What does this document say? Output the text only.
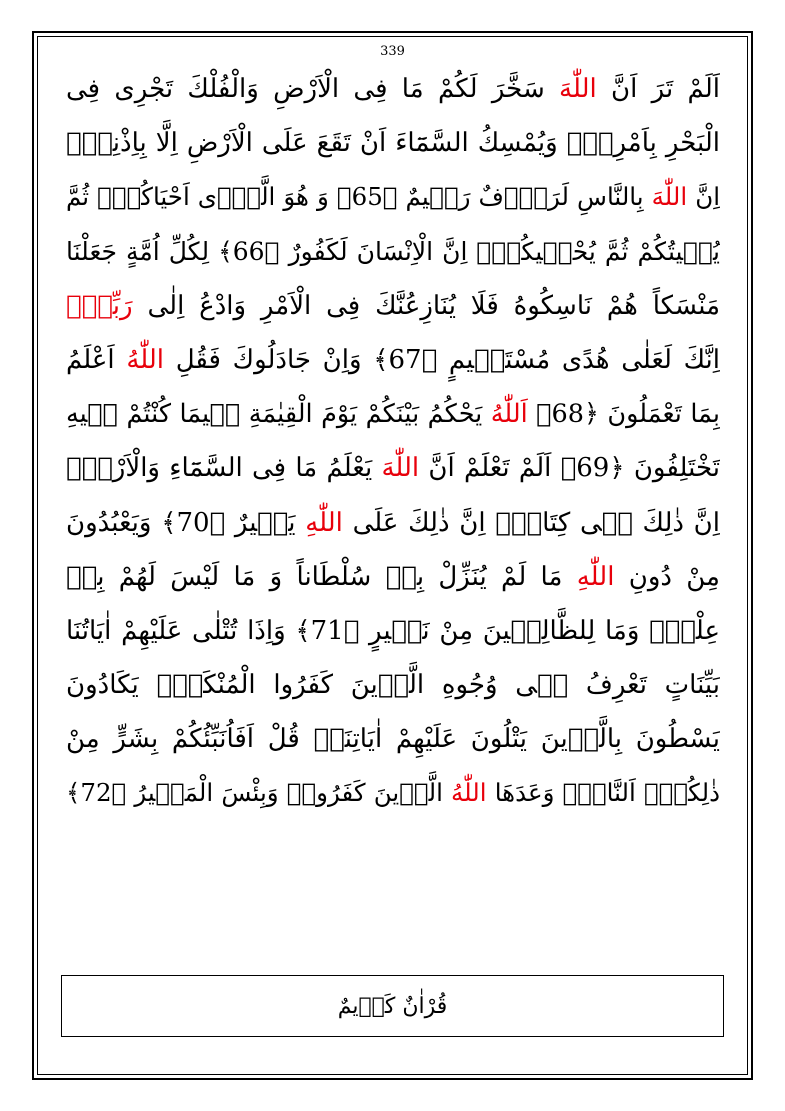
339
اَلَمْ تَرَ اَنَّ اللّٰهَ سَخَّرَ لَكُمْ مَا فِى الْاَرْضِ وَالْفُلْكَ تَجْرِى فِى
الْبَحْرِ بِاَمْرِهٖۜ وَيُمْسِكُ السَّمَٓاءَ اَنْ تَقَعَ عَلَى الْاَرْضِ اِلَّا بِاِذْنِهٖۜ
اِنَّ اللّٰهَ بِالنَّاسِ لَرَؤُ۫فٌ رَحٖيمٌ ﴿65﴾ وَ هُوَ الَّذٖٓى اَحْيَاكُمْۘ ثُمَّ
يُمٖيتُكُمْ ثُمَّ يُحْيٖيكُمْۜ اِنَّ الْاِنْسَانَ لَكَفُورٌ ﴿66﴾ لِكُلِّ اُمَّةٍ جَعَلْنَا
مَنْسَكاً هُمْ نَاسِكُوهُ فَلَا يُنَازِعُنَّكَ فِى الْاَمْرِ وَادْعُ اِلٰى رَبِّكَۜ
اِنَّكَ لَعَلٰى هُدًى مُسْتَقٖيمٍ ﴿67﴾ وَاِنْ جَادَلُوكَ فَقُلِ اللّٰهُ اَعْلَمُ
بِمَا تَعْمَلُونَ ﴿68﴾ اَللّٰهُ يَحْكُمُ بَيْنَكُمْ يَوْمَ الْقِيٰمَةِ فٖيمَا كُنْتُمْ فٖيهِ
تَخْتَلِفُونَ ﴿69﴾ اَلَمْ تَعْلَمْ اَنَّ اللّٰهَ يَعْلَمُ مَا فِى السَّمَٓاءِ وَالْاَرْضِۜ
اِنَّ ذٰلِكَ فٖى كِتَابٍۜ اِنَّ ذٰلِكَ عَلَى اللّٰهِ يَسٖيرٌ ﴿70﴾ وَيَعْبُدُونَ
مِنْ دُونِ اللّٰهِ مَا لَمْ يُنَزِّلْ بِهٖ سُلْطَاناً وَ مَا لَيْسَ لَهُمْ بِهٖ
عِلْمٌۜ وَمَا لِلظَّالِمٖينَ مِنْ نَصٖيرٍ ﴿71﴾ وَاِذَا تُتْلٰى عَلَيْهِمْ اٰيَاتُنَا
بَيِّنَاتٍ تَعْرِفُ فٖى وُجُوهِ الَّذٖينَ كَفَرُوا الْمُنْكَرَۜ يَكَادُونَ
يَسْطُونَ بِالَّذٖينَ يَتْلُونَ عَلَيْهِمْ اٰيَاتِنَاۜ قُلْ اَفَاُنَبِّئُكُمْ بِشَرٍّ مِنْ
ذٰلِكُمْۜ اَلنَّارُۜ وَعَدَهَا اللّٰهُ الَّذٖينَ كَفَرُواۜ وَبِئْسَ الْمَصٖيرُ ﴿72﴾
قُرْاٰنٌ كَرٖيمٌ
